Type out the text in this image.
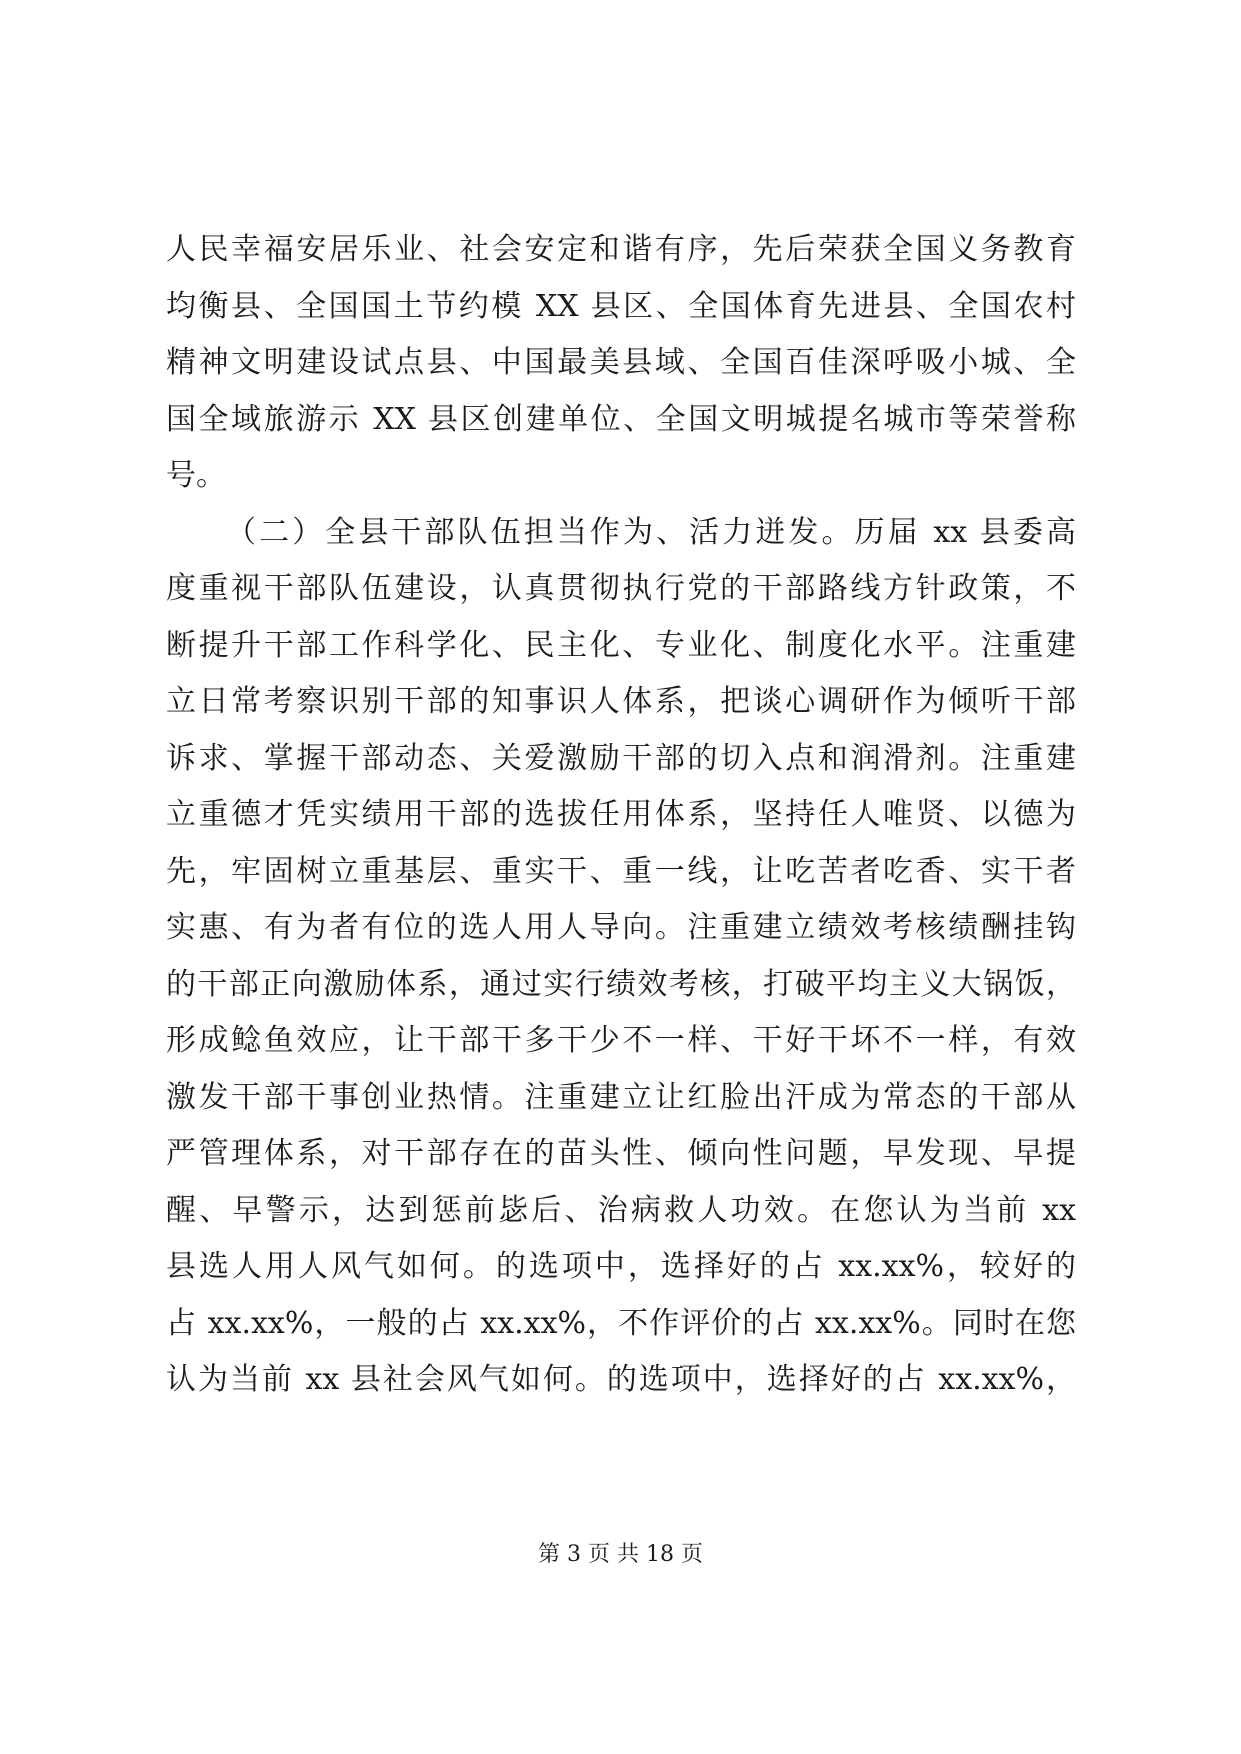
人民幸福安居乐业、社会安定和谐有序，先后荣获全国义务教育
均衡县、全国国土节约模 XX 县区、全国体育先进县、全国农村
精神文明建设试点县、中国最美县域、全国百佳深呼吸小城、全
国全域旅游示 XX 县区创建单位、全国文明城提名城市等荣誉称
号。
（二）全县干部队伍担当作为、活力迸发。历届 xx 县委高
度重视干部队伍建设，认真贯彻执行党的干部路线方针政策，不
断提升干部工作科学化、民主化、专业化、制度化水平。注重建
立日常考察识别干部的知事识人体系，把谈心调研作为倾听干部
诉求、掌握干部动态、关爱激励干部的切入点和润滑剂。注重建
立重德才凭实绩用干部的选拔任用体系，坚持任人唯贤、以德为
先，牢固树立重基层、重实干、重一线，让吃苦者吃香、实干者
实惠、有为者有位的选人用人导向。注重建立绩效考核绩酬挂钩
的干部正向激励体系，通过实行绩效考核，打破平均主义大锅饭，
形成鲶鱼效应，让干部干多干少不一样、干好干坏不一样，有效
激发干部干事创业热情。注重建立让红脸出汗成为常态的干部从
严管理体系，对干部存在的苗头性、倾向性问题，早发现、早提
醒、早警示，达到惩前毖后、治病救人功效。在您认为当前 xx
县选人用人风气如何。的选项中，选择好的占 xx.xx%，较好的
占 xx.xx%，一般的占 xx.xx%，不作评价的占 xx.xx%。同时在您
认为当前 xx 县社会风气如何。的选项中，选择好的占 xx.xx%，
第 3 页 共 18 页
